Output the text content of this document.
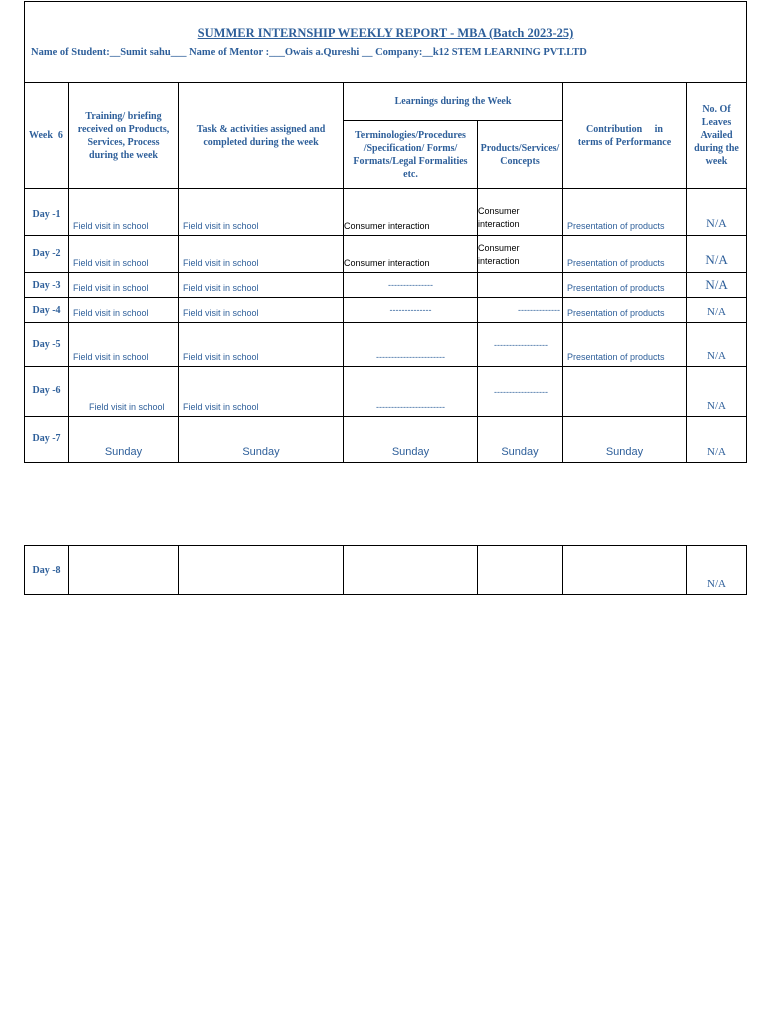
SUMMER INTERNSHIP WEEKLY REPORT - MBA (Batch 2023-25)
Name of Student:__Sumit sahu___ Name of Mentor :___Owais a.Qureshi __ Company:__k12 STEM LEARNING PVT.LTD						

Week  6	Training/ briefing received on Products, Services, Process during the week	Task & activities assigned and completed during the week	Learnings during the Week		Contribution     in terms of Performance	No. Of Leaves Availed during the week
			Terminologies/Procedures /Specification/ Forms/ Formats/Legal Formalities etc.	Products/Services/ Concepts		
Day -1	Field visit in school	Field visit in school	Consumer interaction	Consumer interaction	Presentation of products	N/A
Day -2	Field visit in school	Field visit in school	Consumer interaction	Consumer interaction	Presentation of products	N/A
Day -3	Field visit in school	Field visit in school	---------------		Presentation of products	N/A
Day -4	Field visit in school	Field visit in school	--------------	--------------	Presentation of products	N/A
Day -5	Field visit in school	Field visit in school	-----------------------	------------------	Presentation of products	N/A
Day -6	Field visit in school	Field visit in school	-----------------------	------------------		N/A
Day -7	Sunday	Sunday	Sunday	Sunday	Sunday	N/A
Day -8						N/A
